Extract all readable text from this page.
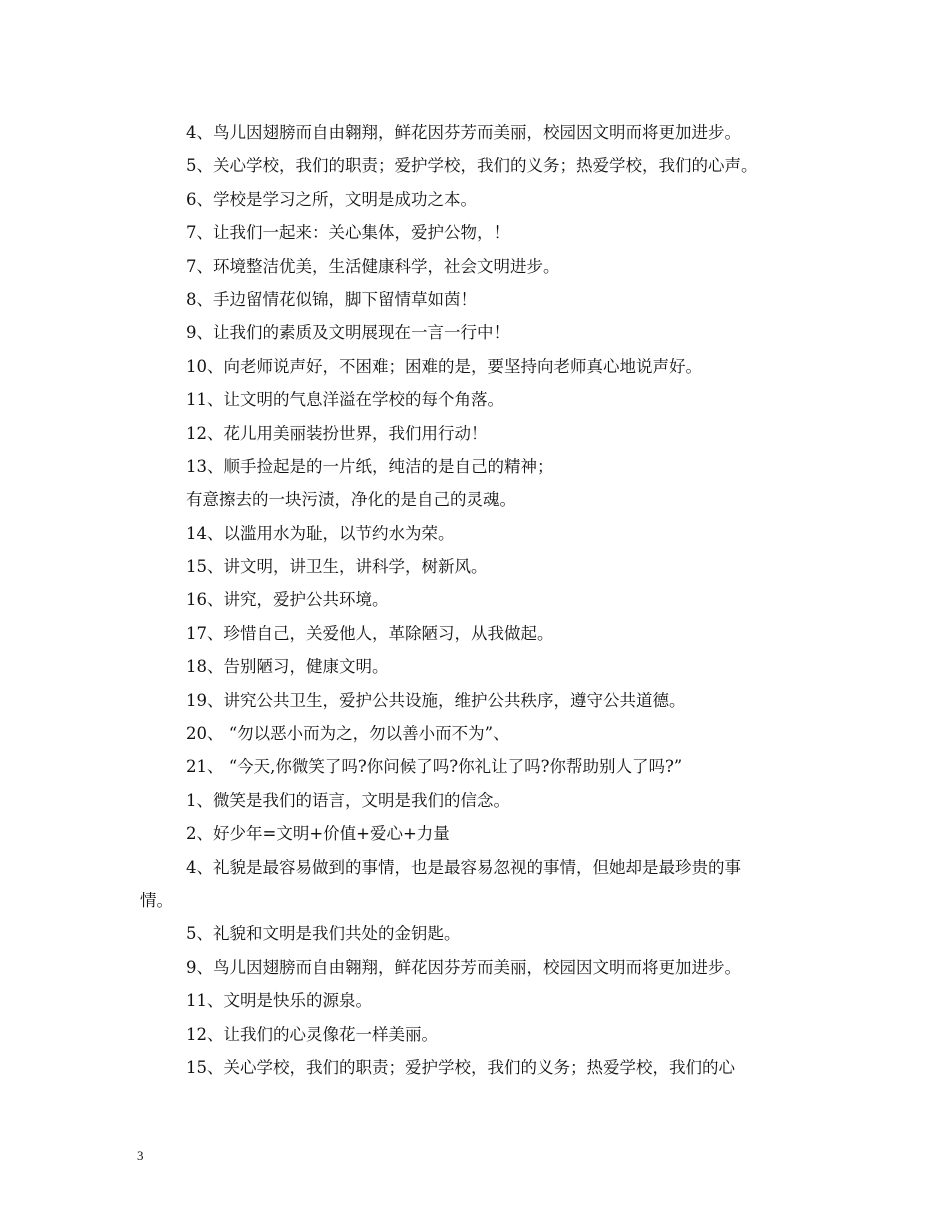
4、鸟儿因翅膀而自由翱翔，鲜花因芬芳而美丽，校园因文明而将更加进步。
5、关心学校，我们的职责；爱护学校，我们的义务；热爱学校，我们的心声。
6、学校是学习之所，文明是成功之本。
7、让我们一起来：关心集体，爱护公物，！
7、环境整洁优美，生活健康科学，社会文明进步。
8、手边留情花似锦，脚下留情草如茵！
9、让我们的素质及文明展现在一言一行中！
10、向老师说声好，不困难；困难的是，要坚持向老师真心地说声好。
11、让文明的气息洋溢在学校的每个角落。
12、花儿用美丽装扮世界，我们用行动！
13、顺手捡起是的一片纸，纯洁的是自己的精神；
有意擦去的一块污渍，净化的是自己的灵魂。
14、以滥用水为耻，以节约水为荣。
15、讲文明，讲卫生，讲科学，树新风。
16、讲究，爱护公共环境。
17、珍惜自己，关爱他人，革除陋习，从我做起。
18、告别陋习，健康文明。
19、讲究公共卫生，爱护公共设施，维护公共秩序，遵守公共道德。
20、 “勿以恶小而为之，勿以善小而不为”、
21、 “今天,你微笑了吗?你问候了吗?你礼让了吗?你帮助别人了吗?”
1、微笑是我们的语言，文明是我们的信念。
2、好少年=文明+价值+爱心+力量
4、礼貌是最容易做到的事情，也是最容易忽视的事情，但她却是最珍贵的事
情。
5、礼貌和文明是我们共处的金钥匙。
9、鸟儿因翅膀而自由翱翔，鲜花因芬芳而美丽，校园因文明而将更加进步。
11、文明是快乐的源泉。
12、让我们的心灵像花一样美丽。
15、关心学校，我们的职责；爱护学校，我们的义务；热爱学校，我们的心
3
